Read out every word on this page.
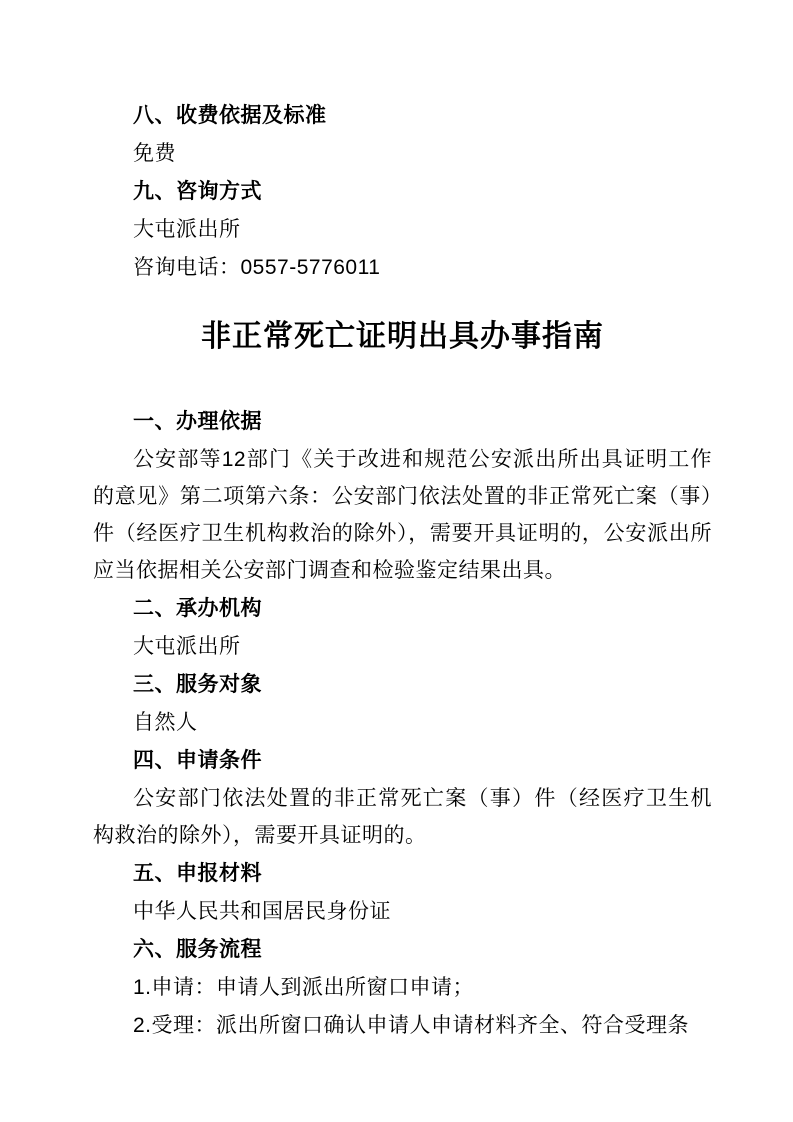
八、收费依据及标准

免费

九、咨询方式

大屯派出所

咨询电话：0557-5776011

非正常死亡证明出具办事指南

一、办理依据

公安部等12部门《关于改进和规范公安派出所出具证明工作的意见》第二项第六条：公安部门依法处置的非正常死亡案（事）件（经医疗卫生机构救治的除外），需要开具证明的，公安派出所应当依据相关公安部门调查和检验鉴定结果出具。

二、承办机构

大屯派出所

三、服务对象

自然人

四、申请条件

公安部门依法处置的非正常死亡案（事）件（经医疗卫生机构救治的除外），需要开具证明的。

五、申报材料

中华人民共和国居民身份证

六、服务流程

1.申请：申请人到派出所窗口申请；

2.受理：派出所窗口确认申请人申请材料齐全、符合受理条
